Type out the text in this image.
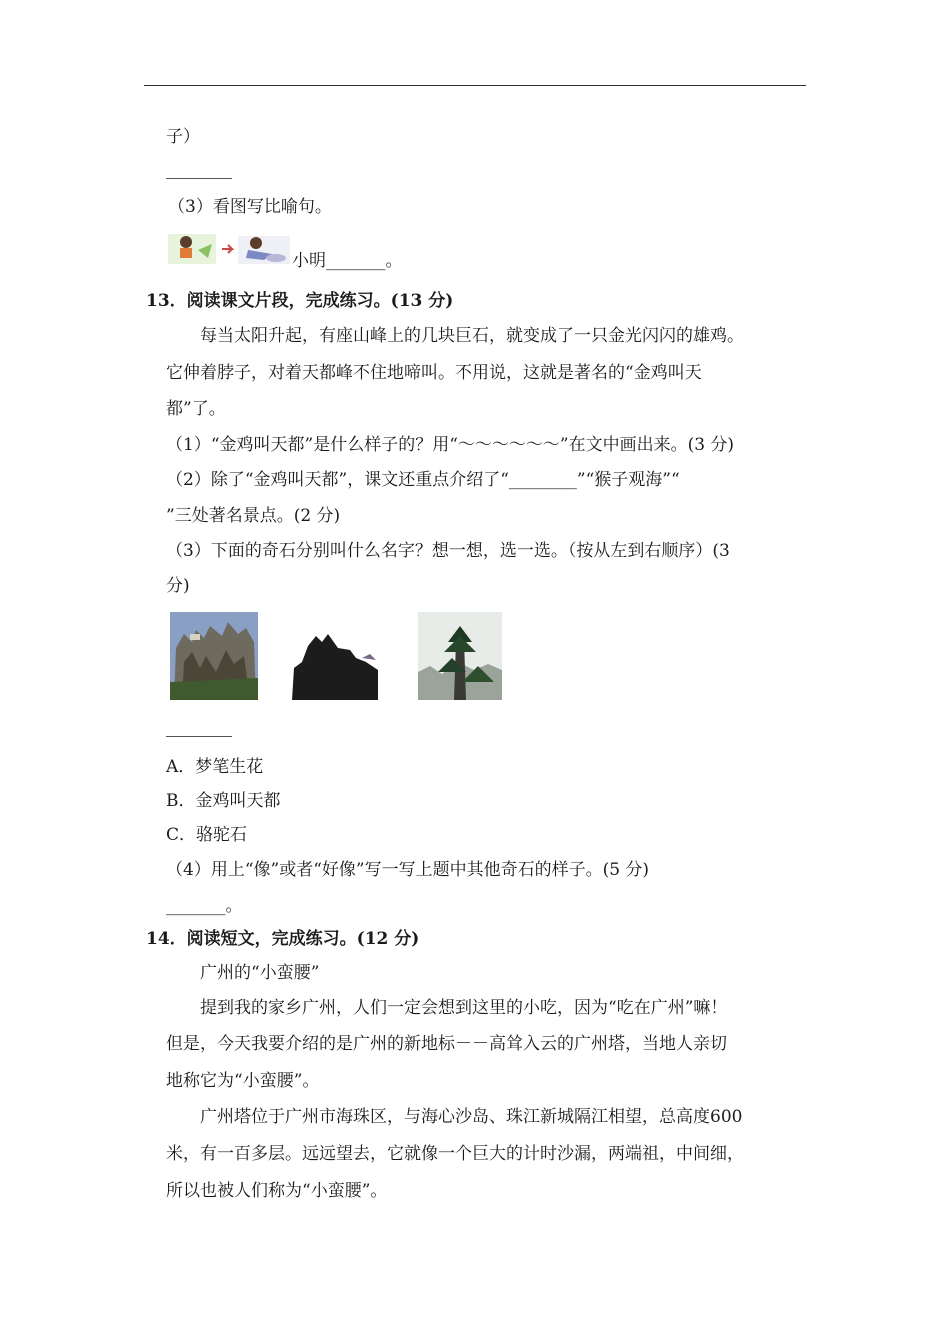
子）
（3）看图写比喻句。
小明_______。
13．阅读课文片段，完成练习。(13 分)
每当太阳升起，有座山峰上的几块巨石，就变成了一只金光闪闪的雄鸡。
它伸着脖子，对着天都峰不住地啼叫。不用说，这就是著名的“金鸡叫天
都”了。
（1）“金鸡叫天都”是什么样子的？用“～～～～～～”在文中画出来。(3 分)
（2）除了“金鸡叫天都”，课文还重点介绍了“________”“猴子观海”“
”三处著名景点。(2 分)
（3）下面的奇石分别叫什么名字？想一想，选一选。（按从左到右顺序）(3
分)
A．梦笔生花
B．金鸡叫天都
C．骆驼石
（4）用上“像”或者“好像”写一写上题中其他奇石的样子。(5 分)
_______。
14．阅读短文，完成练习。(12 分)
广州的“小蛮腰”
提到我的家乡广州，人们一定会想到这里的小吃，因为“吃在广州”嘛！
但是，今天我要介绍的是广州的新地标－－高耸入云的广州塔，当地人亲切
地称它为“小蛮腰”。
广州塔位于广州市海珠区，与海心沙岛、珠江新城隔江相望，总高度600
米，有一百多层。远远望去，它就像一个巨大的计时沙漏，两端祖，中间细，
所以也被人们称为“小蛮腰”。
